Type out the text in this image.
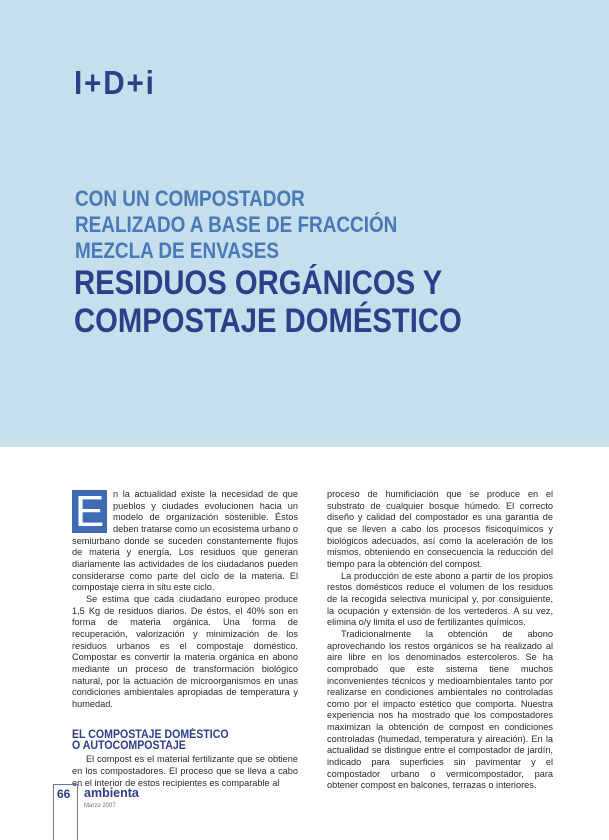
I+D+i
CON UN COMPOSTADOR
REALIZADO A BASE DE FRACCIÓN
MEZCLA DE ENVASES
RESIDUOS ORGÁNICOS Y
COMPOSTAJE DOMÉSTICO

E n la actualidad existe la necesidad de que pueblos y ciudades evolucionen hacia un modelo de organización sostenible. Éstos deben tratarse como un ecosistema urbano o semiurbano donde se suceden constantemente flujos de materia y energía. Los residuos que generan diariamente las actividades de los ciudadanos pueden considerarse como parte del ciclo de la materia. El compostaje cierra in situ este ciclo.

Se estima que cada ciudadano europeo produce 1,5 Kg de residuos diarios. De éstos, el 40% son en forma de materia orgánica. Una forma de recuperación, valorización y minimización de los residuos urbanos es el compostaje doméstico. Compostar es convertir la materia orgánica en abono mediante un proceso de transformación biológico natural, por la actuación de microorganismos en unas condiciones ambientales apropiadas de temperatura y humedad.

EL COMPOSTAJE DOMÉSTICO
O AUTOCOMPOSTAJE

El compost es el material fertilizante que se obtiene en los compostadores. El proceso que se lleva a cabo en el interior de estos recipientes es comparable al

proceso de humificiación que se produce en el substrato de cualquier bosque húmedo. El correcto diseño y calidad del compostador es una garantía de que se lleven a cabo los procesos fisicoquímicos y biológicos adecuados, así como la aceleración de los mismos, obteniendo en consecuencia la reducción del tiempo para la obtención del compost.

La producción de este abono a partir de los propios restos domésticos reduce el volumen de los residuos de la recogida selectiva municipal y, por consiguiente, la ocupación y extensión de los vertederos. A su vez, elimina o/y limita el uso de fertilizantes químicos.

Tradicionalmente la obtención de abono aprovechando los restos orgánicos se ha realizado al aire libre en los denominados estercoleros. Se ha comprobado que este sistema tiene muchos inconvenientes técnicos y medioambientales tanto por realizarse en condiciones ambientales no controladas como por el impacto estético que comporta. Nuestra experiencia nos ha mostrado que los compostadores maximizan la obtención de compost en condiciones controladas (humedad, temperatura y aireación). En la actualidad se distingue entre el compostador de jardín, indicado para superficies sin pavimentar y el compostador urbano o vermicompostador, para obtener compost en balcones, terrazas o interiores.

66 ambienta
Marzo 2007
